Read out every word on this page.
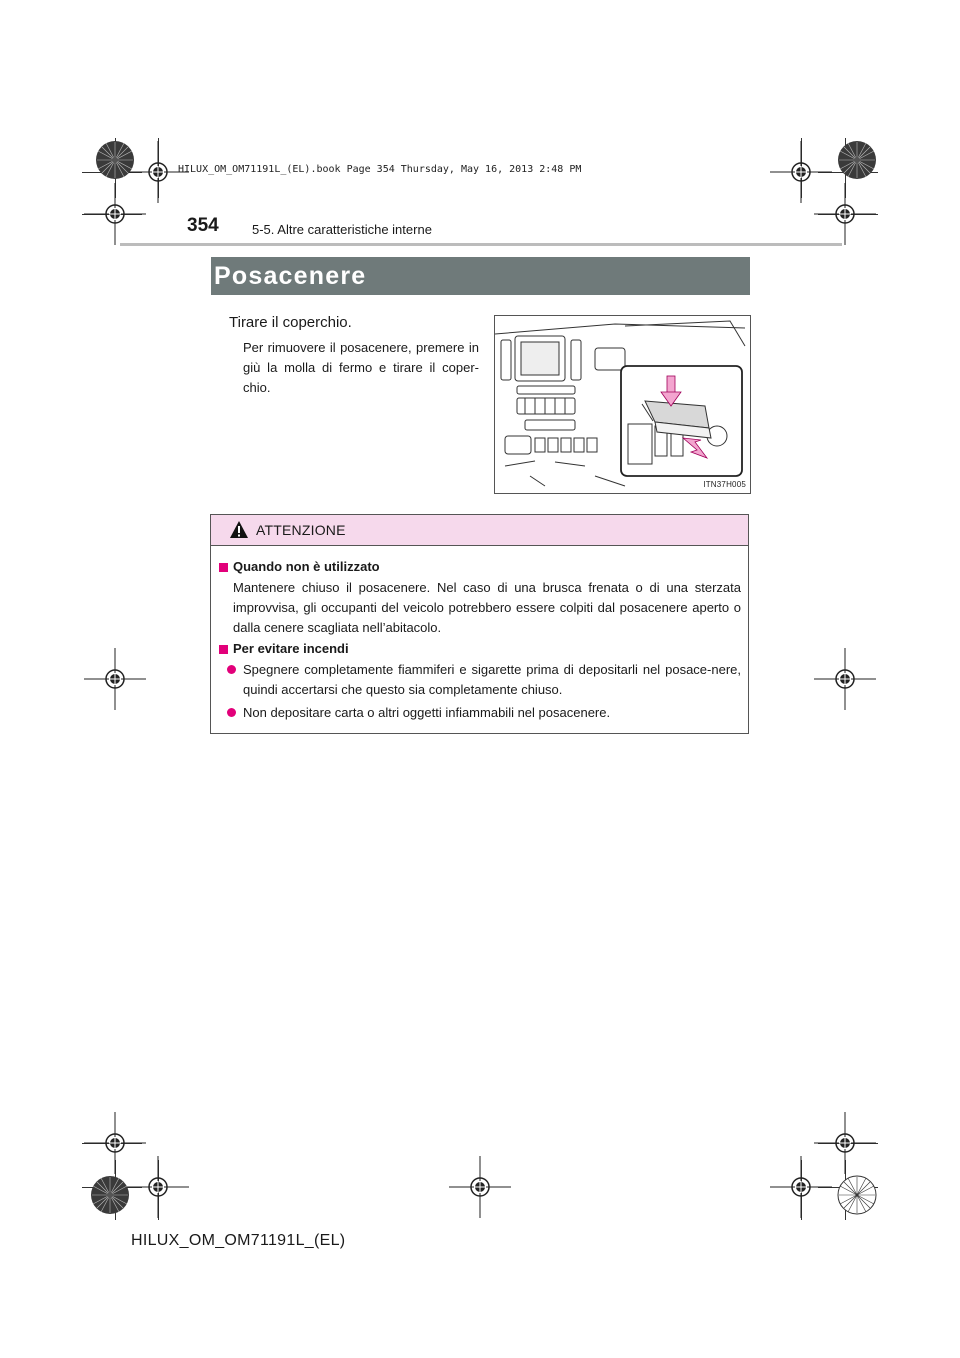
HILUX_OM_OM71191L_(EL).book Page 354 Thursday, May 16, 2013 2:48 PM
354	5-5. Altre caratteristiche interne
Posacenere
Tirare il coperchio.
Per rimuovere il posacenere, premere in giù la molla di fermo e tirare il coper-chio.
ITN37H005
ATTENZIONE
Quando non è utilizzato
Mantenere chiuso il posacenere. Nel caso di una brusca frenata o di una sterzata improvvisa, gli occupanti del veicolo potrebbero essere colpiti dal posacenere aperto o dalla cenere scagliata nell’abitacolo.
Per evitare incendi
Spegnere completamente fiammiferi e sigarette prima di depositarli nel posace-nere, quindi accertarsi che questo sia completamente chiuso.
Non depositare carta o altri oggetti infiammabili nel posacenere.
HILUX_OM_OM71191L_(EL)
